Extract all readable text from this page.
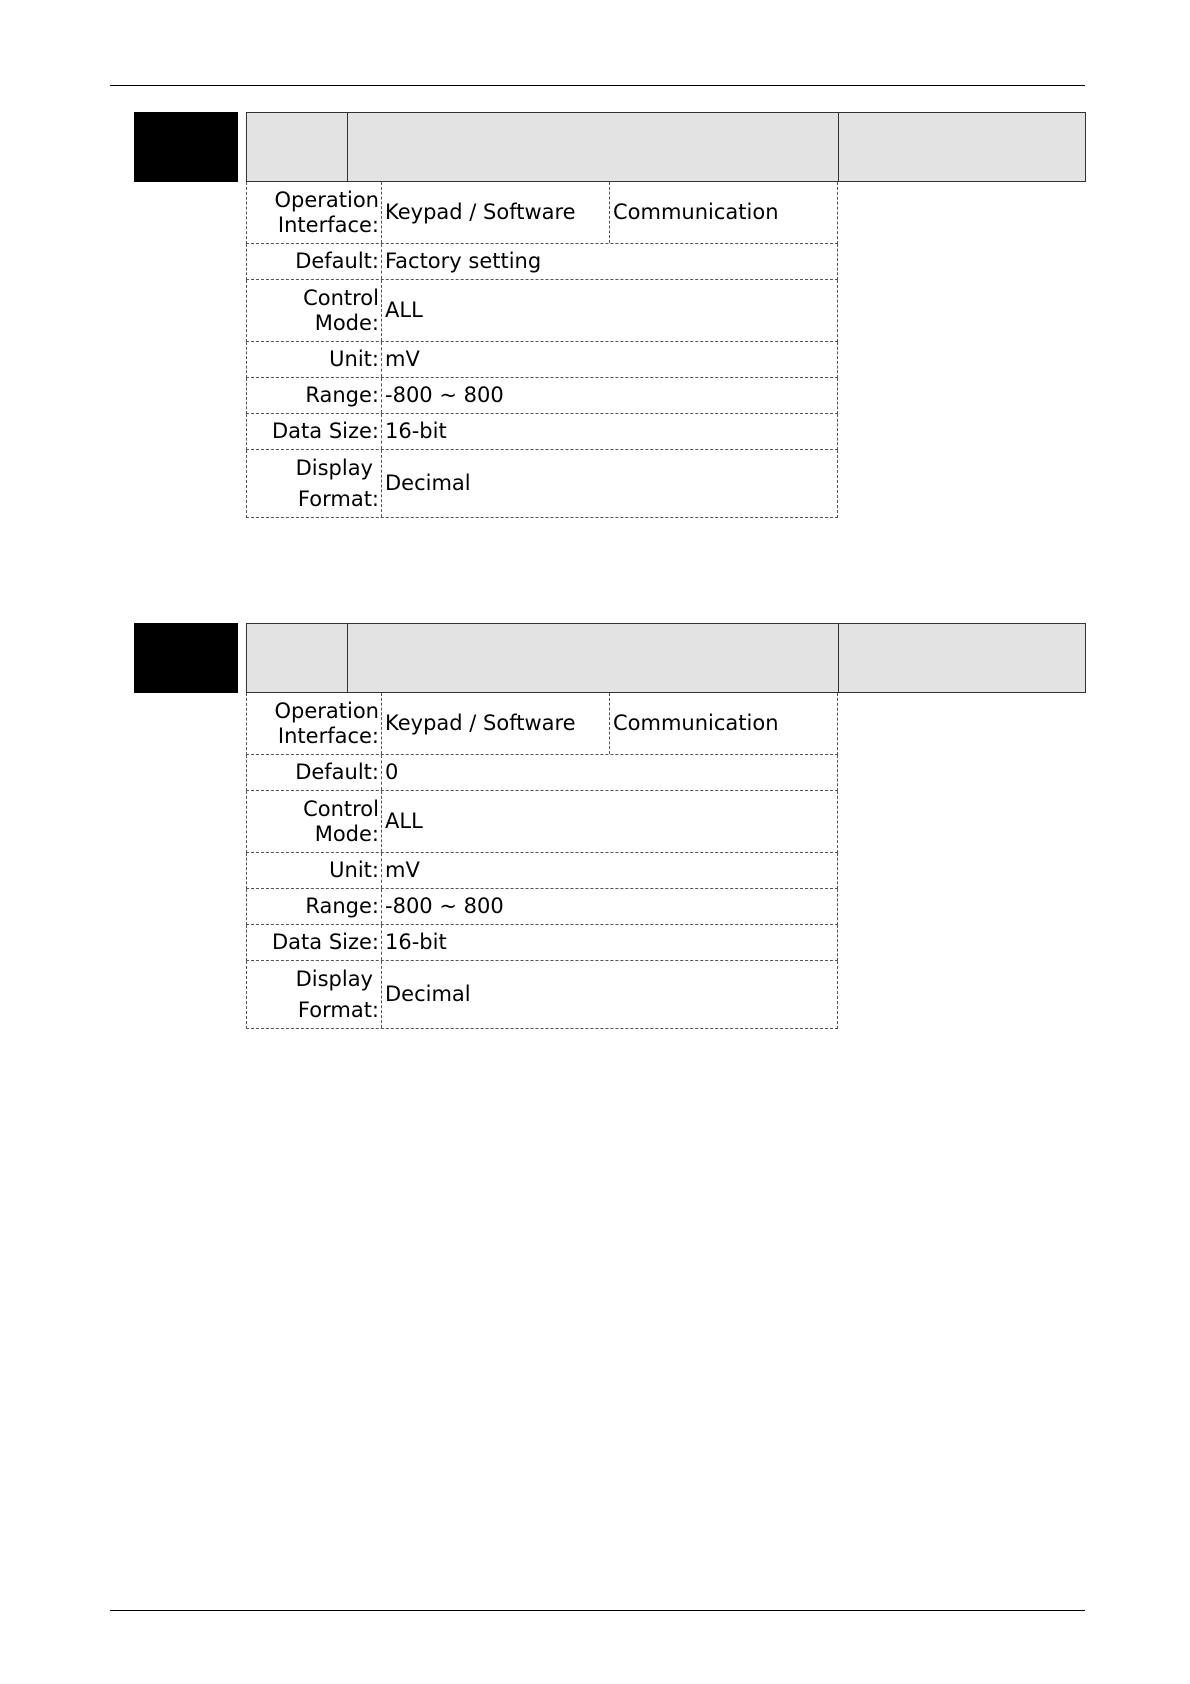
Operation
Interface:
Keypad / Software	Communication
Default: Factory setting
Control
Mode:
ALL
Unit: mV
Range: -800 ~ 800
Data Size: 16-bit
Display
Format:
Decimal
Operation
Interface:
Keypad / Software	Communication
Default: 0
Control
Mode:
ALL
Unit: mV
Range: -800 ~ 800
Data Size: 16-bit
Display
Format:
Decimal
